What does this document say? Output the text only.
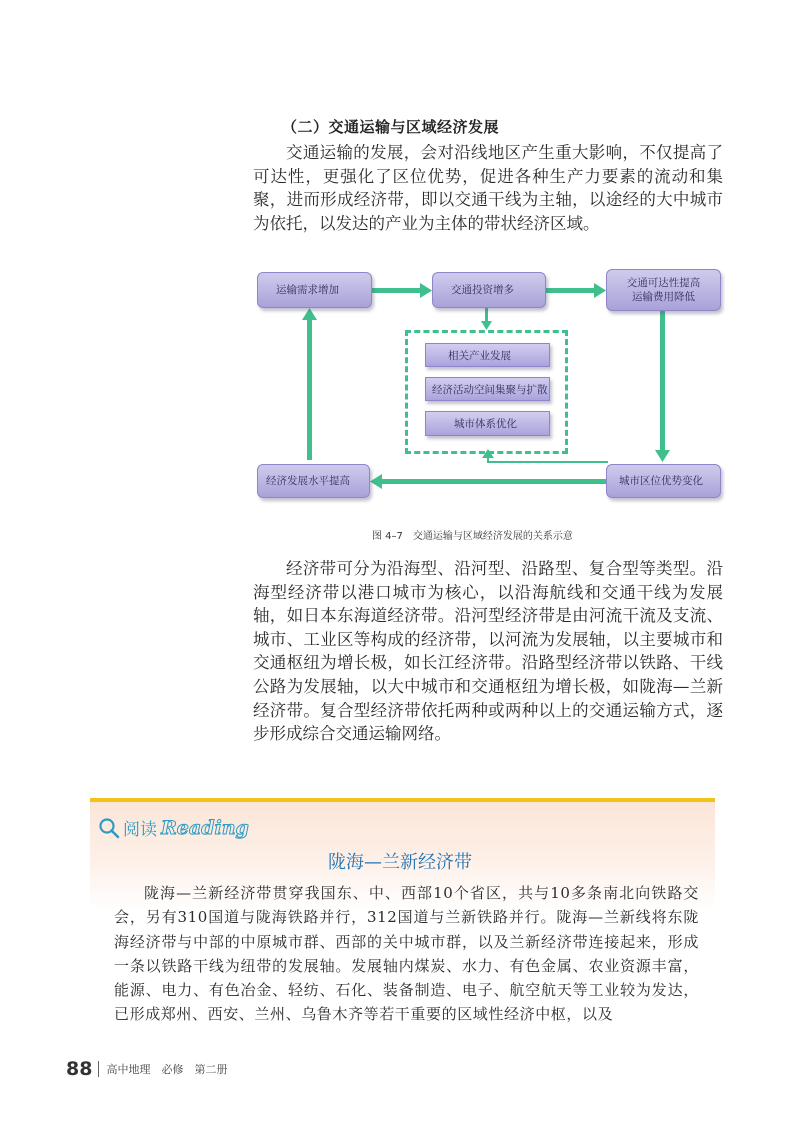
（二）交通运输与区域经济发展

交通运输的发展，会对沿线地区产生重大影响，不仅提高了可达性，更强化了区位优势，促进各种生产力要素的流动和集聚，进而形成经济带，即以交通干线为主轴，以途经的大中城市为依托，以发达的产业为主体的带状经济区域。

运输需求增加	交通投资增多
交通可达性提高
运输费用降低
相关产业发展
经济活动空间集聚与扩散
城市体系优化
城市区位优势变化
经济发展水平提高
图 4–7 交通运输与区域经济发展的关系示意

经济带可分为沿海型、沿河型、沿路型、复合型等类型。沿海型经济带以港口城市为核心，以沿海航线和交通干线为发展轴，如日本东海道经济带。沿河型经济带是由河流干流及支流、城市、工业区等构成的经济带，以河流为发展轴，以主要城市和交通枢纽为增长极，如长江经济带。沿路型经济带以铁路、干线公路为发展轴，以大中城市和交通枢纽为增长极，如陇海—兰新经济带。复合型经济带依托两种或两种以上的交通运输方式，逐步形成综合交通运输网络。

阅读 Reading
陇海—兰新经济带

陇海—兰新经济带贯穿我国东、中、西部10个省区，共与10多条南北向铁路交会，另有310国道与陇海铁路并行，312国道与兰新铁路并行。陇海—兰新线将东陇海经济带与中部的中原城市群、西部的关中城市群，以及兰新经济带连接起来，形成一条以铁路干线为纽带的发展轴。发展轴内煤炭、水力、有色金属、农业资源丰富，能源、电力、有色冶金、轻纺、石化、装备制造、电子、航空航天等工业较为发达，已形成郑州、西安、兰州、乌鲁木齐等若干重要的区域性经济中枢，以及

88 高中地理　必修　第二册
